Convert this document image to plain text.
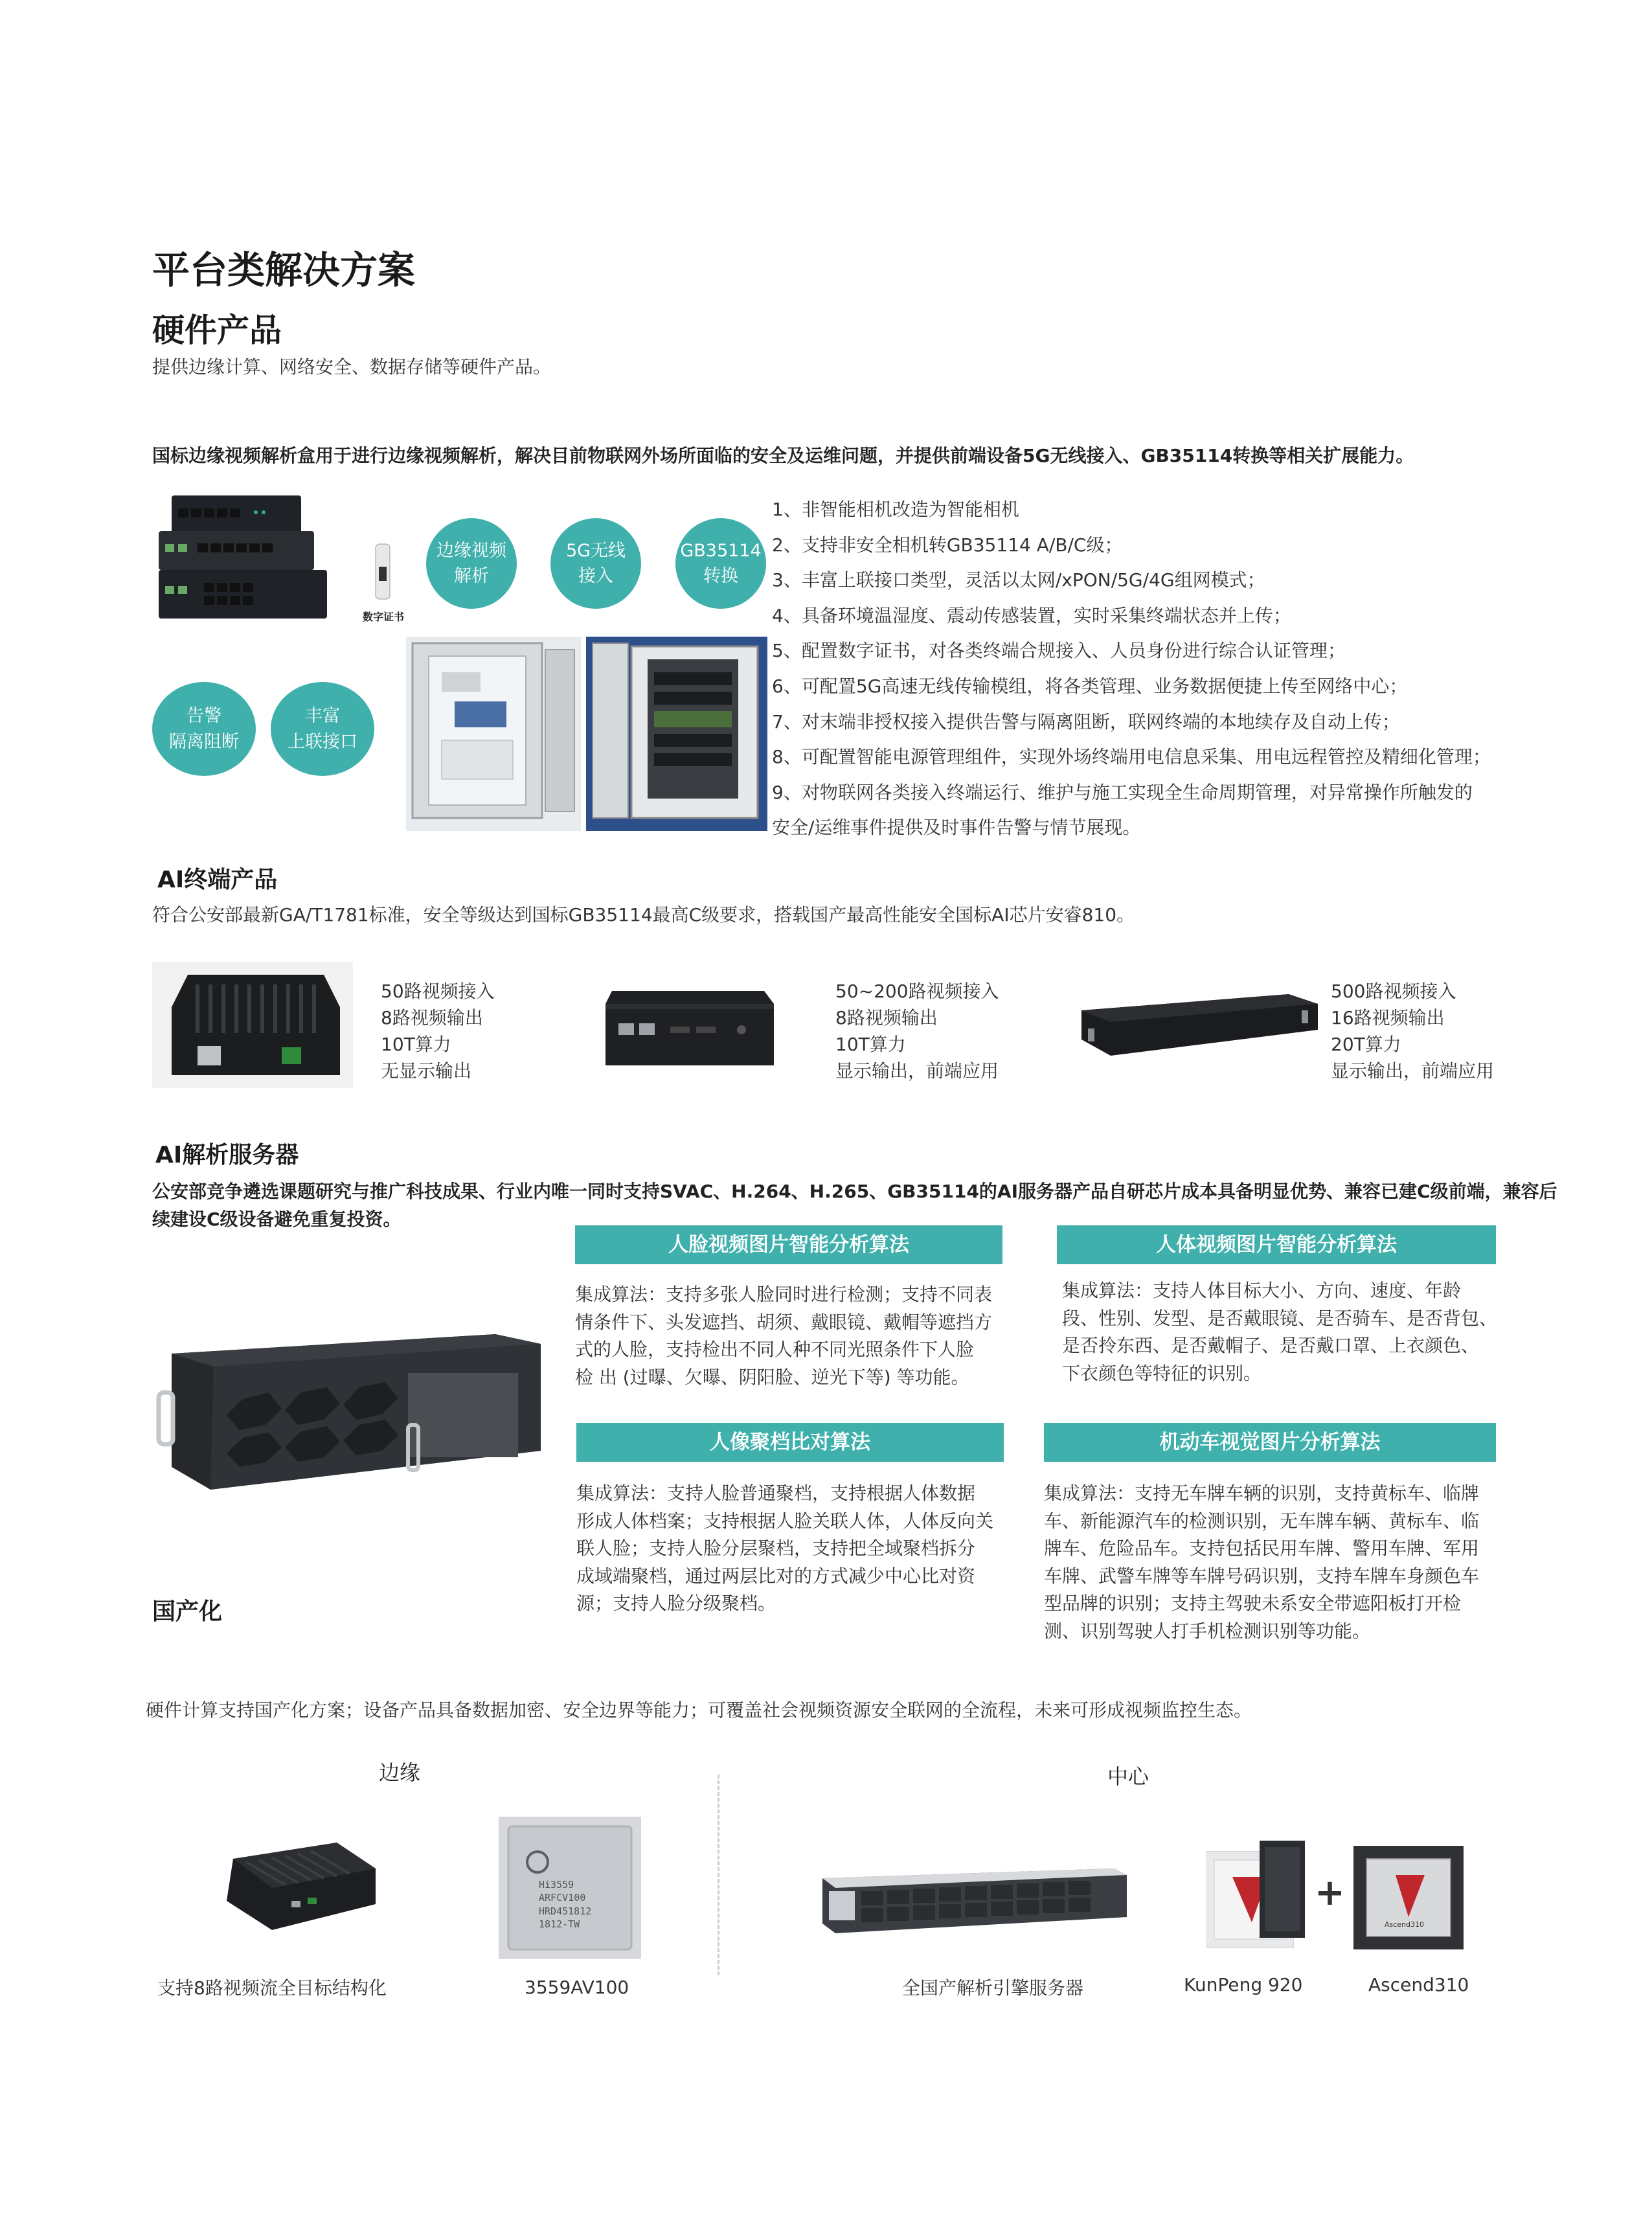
平台类解决方案
硬件产品
提供边缘计算、网络安全、数据存储等硬件产品。
国标边缘视频解析盒用于进行边缘视频解析，解决目前物联网外场所面临的安全及运维问题，并提供前端设备5G无线接入、GB35114转换等相关扩展能力。
数字证书
边缘视频
解析
5G无线
接入
GB35114
转换
告警
隔离阻断
丰富
上联接口
1、非智能相机改造为智能相机
2、支持非安全相机转GB35114 A/B/C级；
3、丰富上联接口类型，灵活以太网/xPON/5G/4G组网模式；
4、具备环境温湿度、震动传感装置，实时采集终端状态并上传；
5、配置数字证书，对各类终端合规接入、人员身份进行综合认证管理；
6、可配置5G高速无线传输模组，将各类管理、业务数据便捷上传至网络中心；
7、对末端非授权接入提供告警与隔离阻断，联网终端的本地续存及自动上传；
8、可配置智能电源管理组件，实现外场终端用电信息采集、用电远程管控及精细化管理；
9、对物联网各类接入终端运行、维护与施工实现全生命周期管理，对异常操作所触发的
安全/运维事件提供及时事件告警与情节展现。
AI终端产品
符合公安部最新GA/T1781标准，安全等级达到国标GB35114最高C级要求，搭载国产最高性能安全国标AI芯片安睿810。
50路视频接入
8路视频输出
10T算力
无显示输出
50~200路视频接入
8路视频输出
10T算力
显示输出，前端应用
500路视频接入
16路视频输出
20T算力
显示输出，前端应用
AI解析服务器
公安部竞争遴选课题研究与推广科技成果、行业内唯一同时支持SVAC、H.264、H.265、GB35114的AI服务器产品自研芯片成本具备明显优势、兼容已建C级前端，兼容后
续建设C级设备避免重复投资。
人脸视频图片智能分析算法
集成算法：支持多张人脸同时进行检测；支持不同表
情条件下、头发遮挡、胡须、戴眼镜、戴帽等遮挡方
式的人脸，支持检出不同人种不同光照条件下人脸
检 出 (过曝、欠曝、阴阳脸、逆光下等) 等功能。
人体视频图片智能分析算法
集成算法：支持人体目标大小、方向、速度、年龄
段、性别、发型、是否戴眼镜、是否骑车、是否背包、
是否拎东西、是否戴帽子、是否戴口罩、上衣颜色、
下衣颜色等特征的识别。
人像聚档比对算法
集成算法：支持人脸普通聚档，支持根据人体数据
形成人体档案；支持根据人脸关联人体，人体反向关
联人脸；支持人脸分层聚档，支持把全域聚档拆分
成域端聚档，通过两层比对的方式减少中心比对资
源；支持人脸分级聚档。
机动车视觉图片分析算法
集成算法：支持无车牌车辆的识别，支持黄标车、临牌
车、新能源汽车的检测识别，无车牌车辆、黄标车、临
牌车、危险品车。支持包括民用车牌、警用车牌、军用
车牌、武警车牌等车牌号码识别，支持车牌车身颜色车
型品牌的识别；支持主驾驶未系安全带遮阳板打开检
测、识别驾驶人打手机检测识别等功能。
国产化
硬件计算支持国产化方案；设备产品具备数据加密、安全边界等能力；可覆盖社会视频资源安全联网的全流程，未来可形成视频监控生态。
边缘	中心
Hi3559
ARFCV100
HRD451812
1812-TW
+
Ascend310
支持8路视频流全目标结构化	3559AV100	全国产解析引擎服务器	KunPeng 920	Ascend310
